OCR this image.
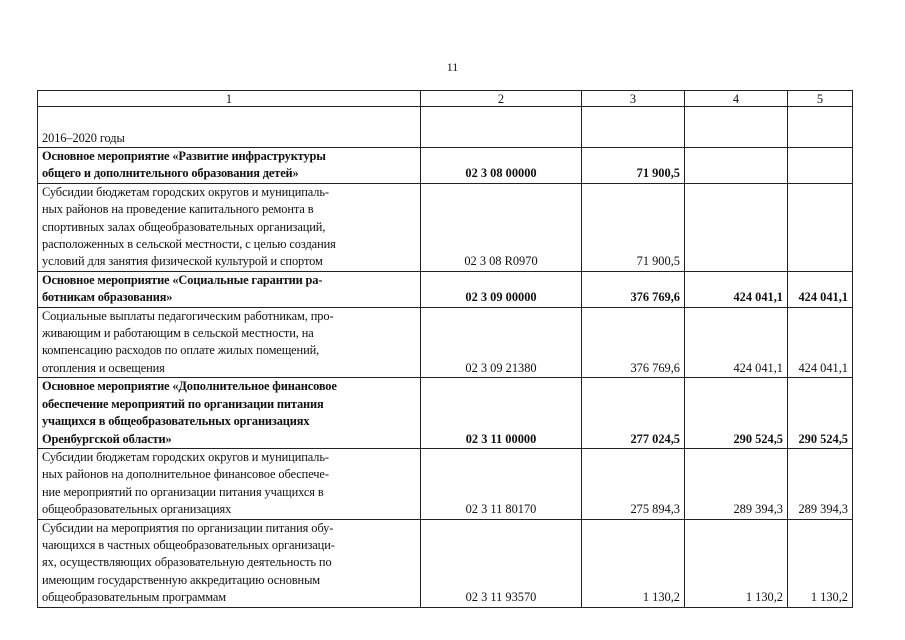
11
1	2	3	4	5
2016–2020 годы				

Основное мероприятие «Развитие инфраструктуры
общего и дополнительного образования детей»	02 3 08 00000	71 900,5		

Субсидии бюджетам городских округов и муниципаль-
ных районов на проведение капитального ремонта в
спортивных залах общеобразовательных организаций,
расположенных в сельской местности, с целью создания
условий для занятия физической культурой и спортом	02 3 08 R0970	71 900,5		

Основное мероприятие «Социальные гарантии ра-
ботникам образования»	02 3 09 00000	376 769,6	424 041,1	424 041,1

Социальные выплаты педагогическим работникам, про-
живающим и работающим в сельской местности, на
компенсацию расходов по оплате жилых помещений,
отопления и освещения	02 3 09 21380	376 769,6	424 041,1	424 041,1

Основное мероприятие «Дополнительное финансовое
обеспечение мероприятий по организации питания
учащихся в общеобразовательных организациях
Оренбургской области»	02 3 11 00000	277 024,5	290 524,5	290 524,5

Субсидии бюджетам городских округов и муниципаль-
ных районов на дополнительное финансовое обеспече-
ние мероприятий по организации питания учащихся в
общеобразовательных организациях	02 3 11 80170	275 894,3	289 394,3	289 394,3

Субсидии на мероприятия по организации питания обу-
чающихся в частных общеобразовательных организаци-
ях, осуществляющих образовательную деятельность по
имеющим государственную аккредитацию основным
общеобразовательным программам	02 3 11 93570	1 130,2	1 130,2	1 130,2
